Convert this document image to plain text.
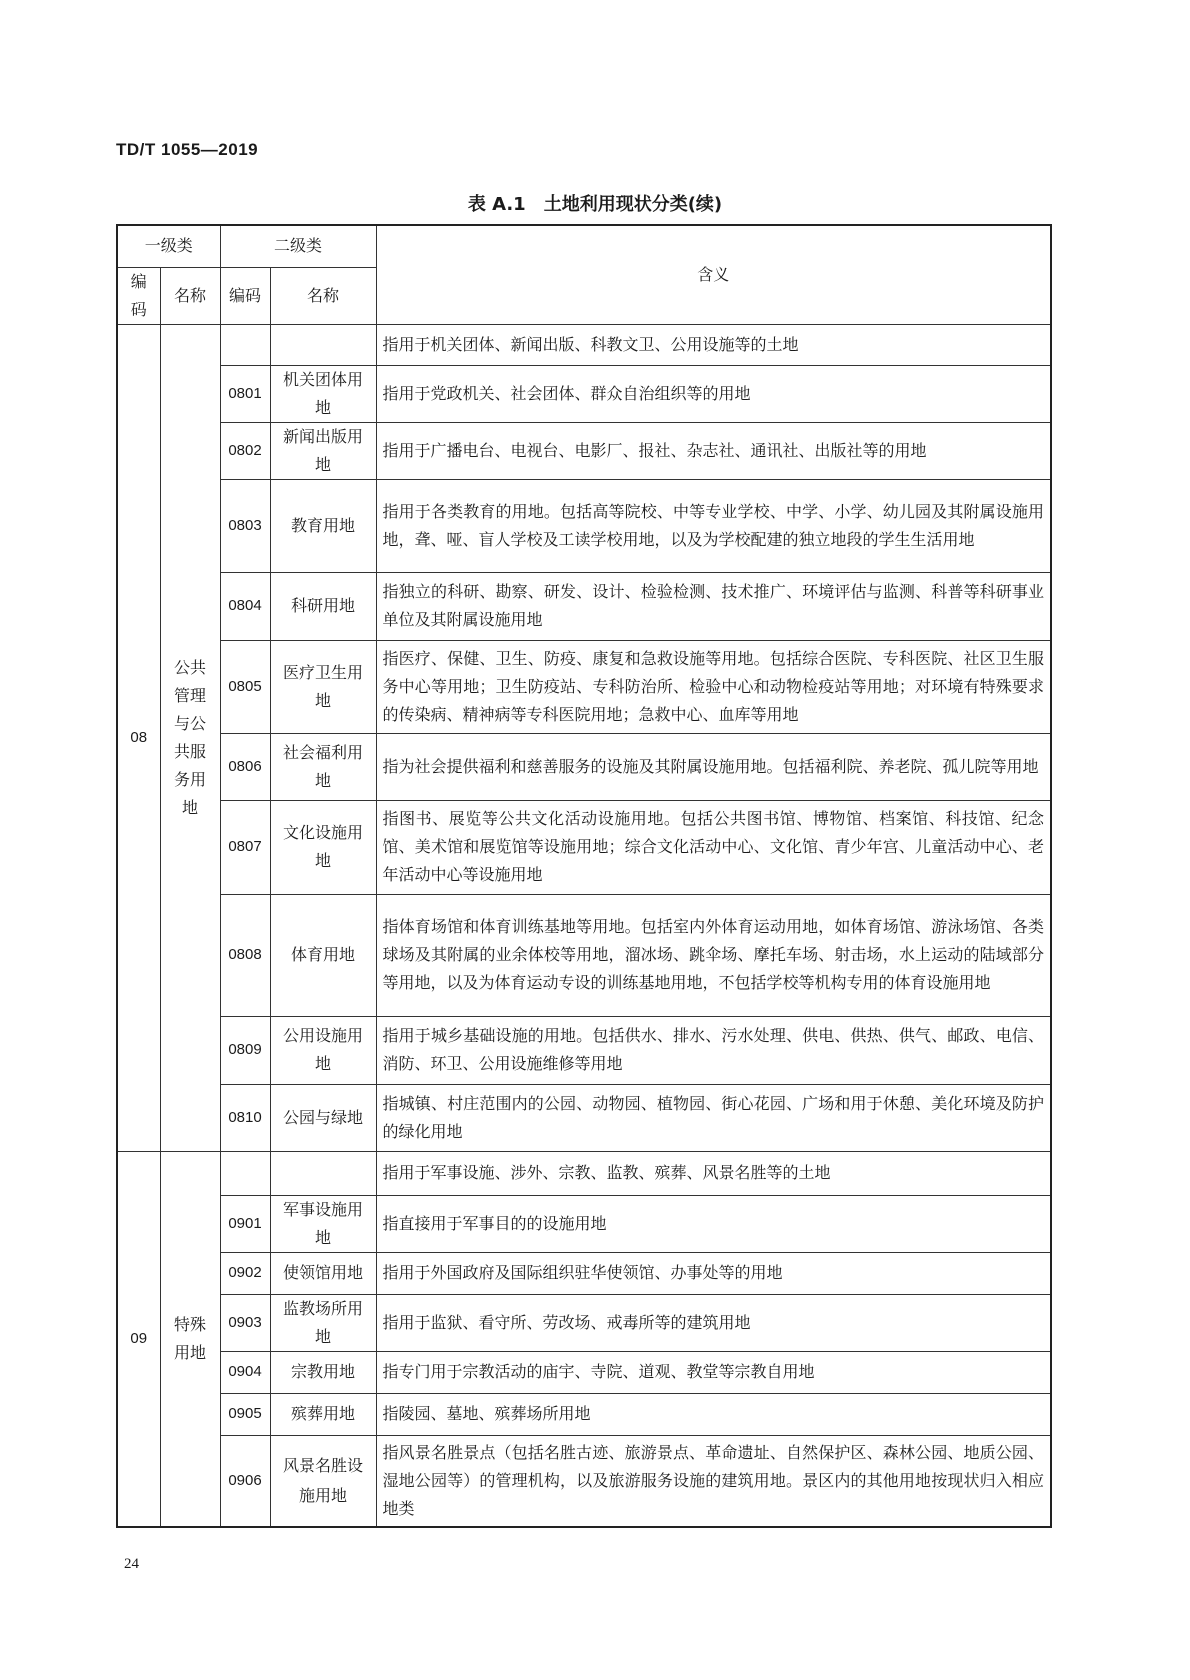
TD/T 1055—2019
表 A.1　土地利用现状分类(续)
一级类		二级类		含义
编码	名称	编码	名称	
08	公共管理与公共服务用地			指用于机关团体、新闻出版、科教文卫、公用设施等的土地
		0801	机关团体用地	指用于党政机关、社会团体、群众自治组织等的用地
		0802	新闻出版用地	指用于广播电台、电视台、电影厂、报社、杂志社、通讯社、出版社等的用地
		0803	教育用地	指用于各类教育的用地。包括高等院校、中等专业学校、中学、小学、幼儿园及其附属设施用地，聋、哑、盲人学校及工读学校用地，以及为学校配建的独立地段的学生生活用地
		0804	科研用地	指独立的科研、勘察、研发、设计、检验检测、技术推广、环境评估与监测、科普等科研事业单位及其附属设施用地
		0805	医疗卫生用地	指医疗、保健、卫生、防疫、康复和急救设施等用地。包括综合医院、专科医院、社区卫生服务中心等用地；卫生防疫站、专科防治所、检验中心和动物检疫站等用地；对环境有特殊要求的传染病、精神病等专科医院用地；急救中心、血库等用地
		0806	社会福利用地	指为社会提供福利和慈善服务的设施及其附属设施用地。包括福利院、养老院、孤儿院等用地
		0807	文化设施用地	指图书、展览等公共文化活动设施用地。包括公共图书馆、博物馆、档案馆、科技馆、纪念馆、美术馆和展览馆等设施用地；综合文化活动中心、文化馆、青少年宫、儿童活动中心、老年活动中心等设施用地
		0808	体育用地	指体育场馆和体育训练基地等用地。包括室内外体育运动用地，如体育场馆、游泳场馆、各类球场及其附属的业余体校等用地，溜冰场、跳伞场、摩托车场、射击场，水上运动的陆域部分等用地，以及为体育运动专设的训练基地用地，不包括学校等机构专用的体育设施用地
		0809	公用设施用地	指用于城乡基础设施的用地。包括供水、排水、污水处理、供电、供热、供气、邮政、电信、消防、环卫、公用设施维修等用地
		0810	公园与绿地	指城镇、村庄范围内的公园、动物园、植物园、街心花园、广场和用于休憩、美化环境及防护的绿化用地
09	特殊用地			指用于军事设施、涉外、宗教、监教、殡葬、风景名胜等的土地
		0901	军事设施用地	指直接用于军事目的的设施用地
		0902	使领馆用地	指用于外国政府及国际组织驻华使领馆、办事处等的用地
		0903	监教场所用地	指用于监狱、看守所、劳改场、戒毒所等的建筑用地
		0904	宗教用地	指专门用于宗教活动的庙宇、寺院、道观、教堂等宗教自用地
		0905	殡葬用地	指陵园、墓地、殡葬场所用地
		0906	风景名胜设施用地	指风景名胜景点（包括名胜古迹、旅游景点、革命遗址、自然保护区、森林公园、地质公园、湿地公园等）的管理机构，以及旅游服务设施的建筑用地。景区内的其他用地按现状归入相应地类
24
